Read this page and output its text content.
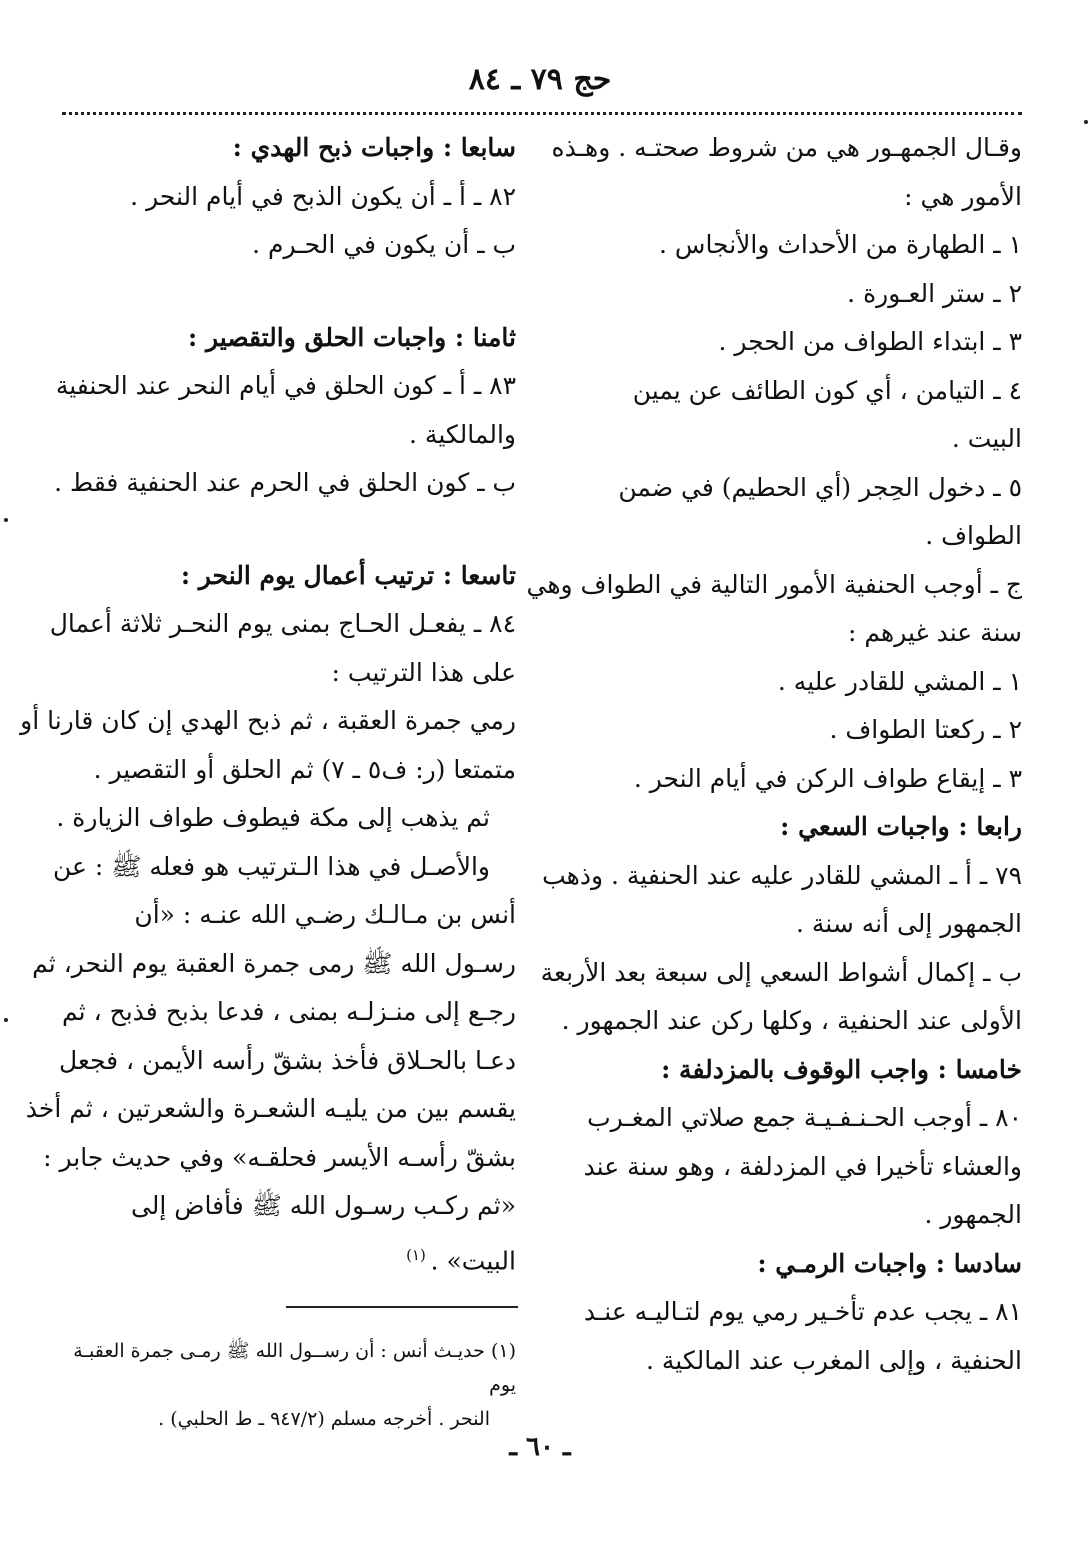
حج ٧٩ ـ ٨٤
وقـال الجمهـور هي من شروط صحتـه . وهـذه
الأمور هي :
١ ـ الطهارة من الأحداث والأنجاس .
٢ ـ ستر العـورة .
٣ ـ ابتداء الطواف من الحجر .
٤ ـ التيامن ، أي كون الطائف عن يمين
البيت .
٥ ـ دخول الحِجر (أي الحطيم) في ضمن
الطواف .
ج ـ أوجب الحنفية الأمور التالية في الطواف وهي
سنة عند غيرهم :
١ ـ المشي للقادر عليه .
٢ ـ ركعتا الطواف .
٣ ـ إيقاع طواف الركن في أيام النحر .
رابعا : واجبات السعي :
٧٩ ـ أ ـ المشي للقادر عليه عند الحنفية . وذهب
الجمهور إلى أنه سنة .
ب ـ إكمال أشواط السعي إلى سبعة بعد الأربعة
الأولى عند الحنفية ، وكلها ركن عند الجمهور .
خامسا : واجب الوقوف بالمزدلفة :
٨٠ ـ أوجب الحـنـفـيـة جمع صلاتي المغـرب
والعشاء تأخيرا في المزدلفة ، وهو سنة عند
الجمهور .
سادسا : واجبات الرمـي :
٨١ ـ يجب عدم تأخـير رمي يوم لتـاليـه عنـد
الحنفية ، وإلى المغرب عند المالكية .
سابعا : واجبات ذبح الهدي :
٨٢ ـ أ ـ أن يكون الذبح في أيام النحر .
ب ـ أن يكون في الحـرم .
ثامنا : واجبات الحلق والتقصير :
٨٣ ـ أ ـ كون الحلق في أيام النحر عند الحنفية
والمالكية .
ب ـ كون الحلق في الحرم عند الحنفية فقط .
تاسعا : ترتيب أعمال يوم النحر :
٨٤ ـ يفعـل الحـاج بمنى يوم النحـر ثلاثة أعمال
على هذا الترتيب :
رمي جمرة العقبة ، ثم ذبح الهدي إن كان قارنا أو
متمتعا (ر: ف٥ ـ ٧) ثم الحلق أو التقصير .
ثم يذهب إلى مكة فيطوف طواف الزيارة .
والأصـل في هذا الـترتيب هو فعله ﷺ : عن
أنس بن مـالـك رضـي الله عنـه : «أن
رسـول الله ﷺ رمى جمرة العقبة يوم النحر، ثم
رجـع إلى منـزلـه بمنى ، فدعا بذبح فذبح ، ثم
دعـا بالحـلاق فأخذ بشقّ رأسه الأيمن ، فجعل
يقسم بين من يليـه الشعـرة والشعرتين ، ثم أخذ
بشقّ رأسـه الأيسر فحلقـه» وفي حديث جابر :
«ثم ركـب رسـول الله ﷺ فأفاض إلى
البيت» . $^{(١)}$
(١) حديـث أنس : أن رســول الله ﷺ رمـى جمرة العقبـة يوم
النحر . أخرجه مسلم (٩٤٧/٢ ـ ط الحلبي) .
ـ ٦٠ ـ
